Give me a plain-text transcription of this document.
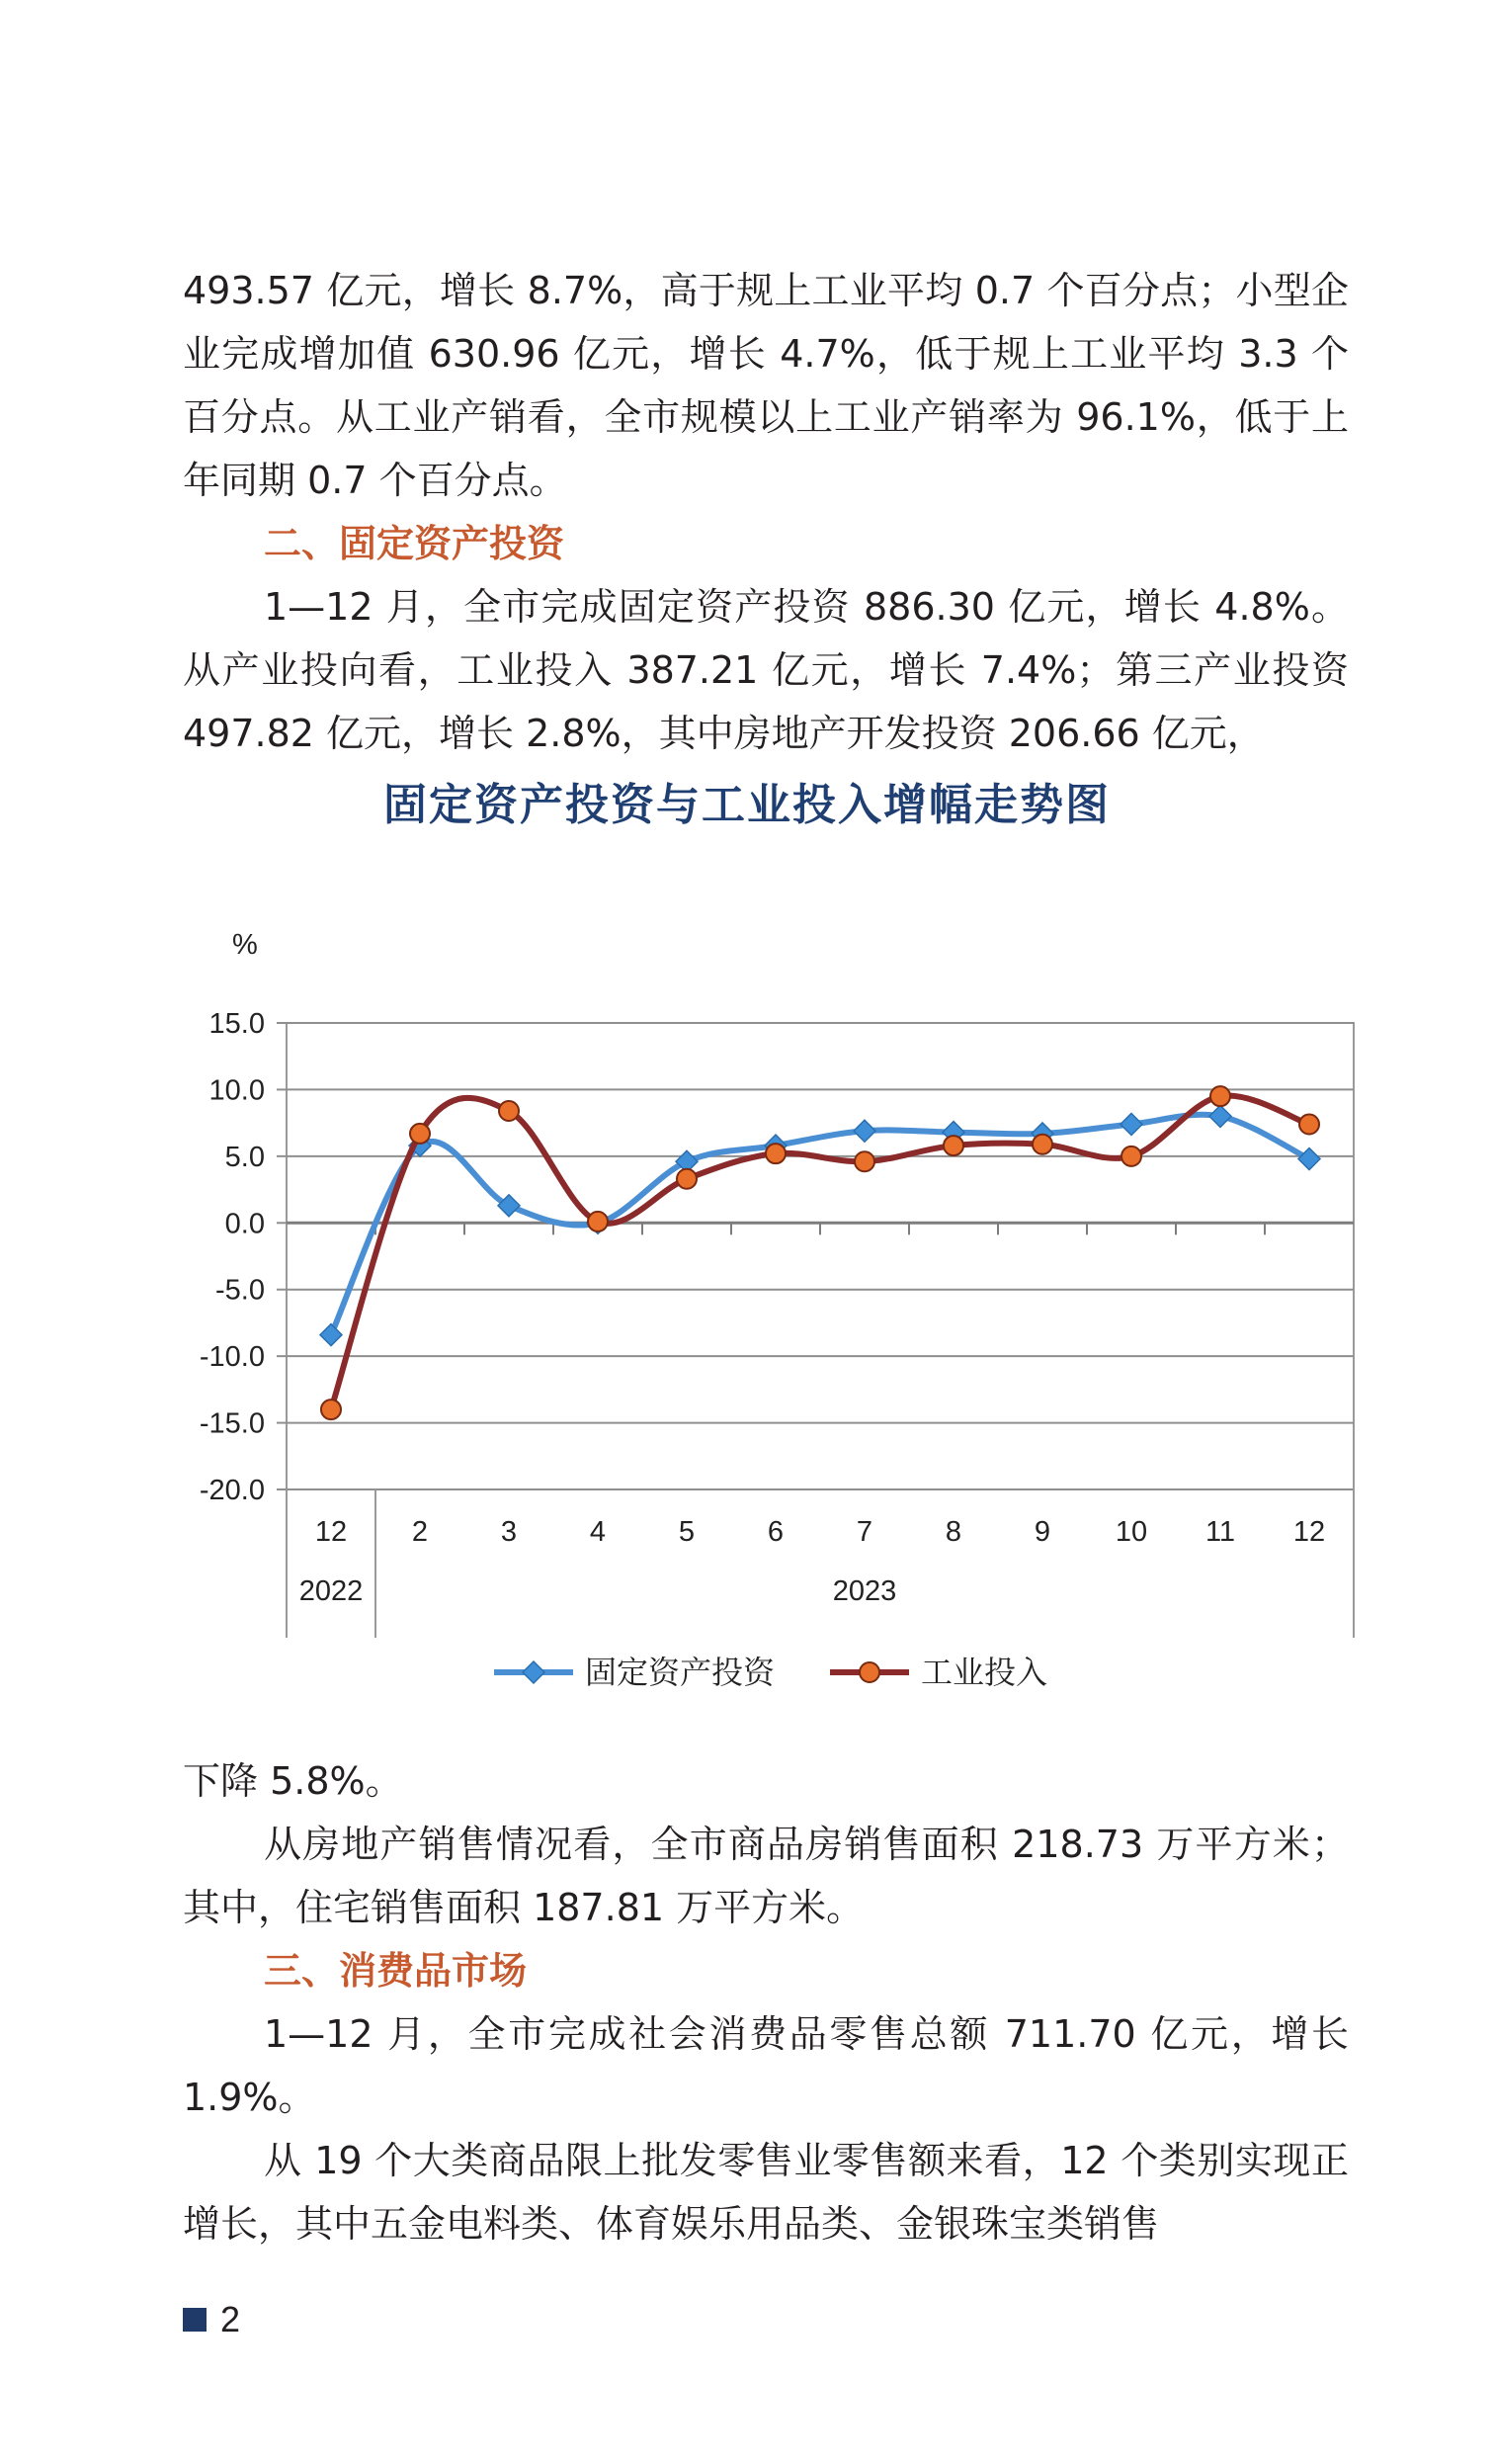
493.57 亿元，增长 8.7%，高于规上工业平均 0.7 个百分点；小型企业完成增加值 630.96 亿元，增长 4.7%，低于规上工业平均 3.3 个百分点。从工业产销看，全市规模以上工业产销率为 96.1%，低于上年同期 0.7 个百分点。

二、固定资产投资

1—12 月，全市完成固定资产投资 886.30 亿元，增长 4.8%。从产业投向看，工业投入 387.21 亿元，增长 7.4%；第三产业投资 497.82 亿元，增长 2.8%，其中房地产开发投资 206.66 亿元，

固定资产投资与工业投入增幅走势图
%
15.0
10.0
5.0
0.0
-5.0
-10.0
-15.0
-20.0
12 2	3	4	5	6	7	8	9 10 11 12
2022	2023
固定资产投资	工业投入

下降 5.8%。

从房地产销售情况看，全市商品房销售面积 218.73 万平方米；其中，住宅销售面积 187.81 万平方米。

三、消费品市场

1—12 月，全市完成社会消费品零售总额 711.70 亿元，增长 1.9%。

从 19 个大类商品限上批发零售业零售额来看，12 个类别实现正增长，其中五金电料类、体育娱乐用品类、金银珠宝类销售

2
